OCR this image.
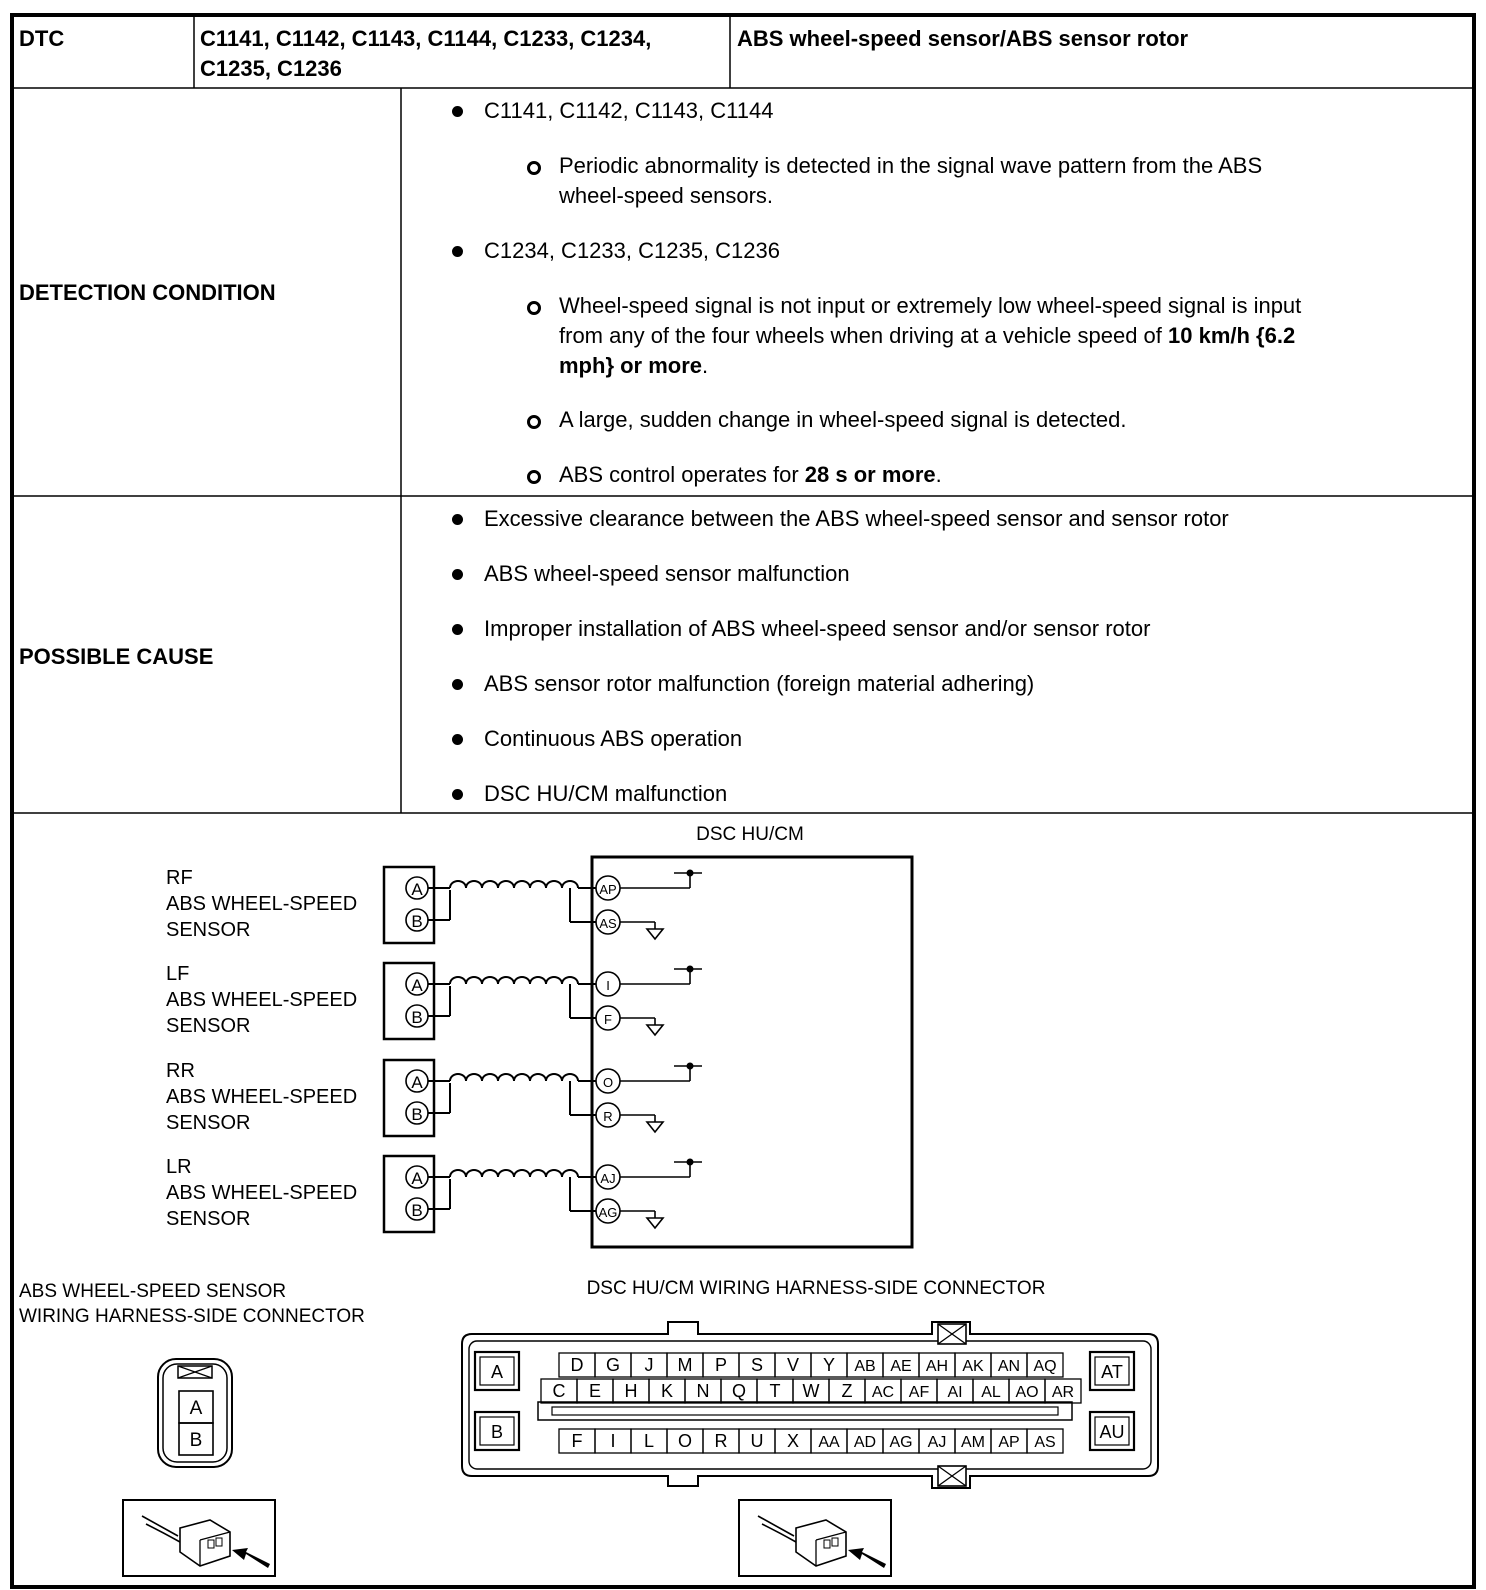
DTC	C1141, C1142, C1143, C1144, C1233, C1234,
C1235, C1236
ABS wheel-speed sensor/ABS sensor rotor
DETECTION CONDITION
C1141, C1142, C1143, C1144
Periodic abnormality is detected in the signal wave pattern from the ABS
wheel-speed sensors.
C1234, C1233, C1235, C1236
Wheel-speed signal is not input or extremely low wheel-speed signal is input
from any of the four wheels when driving at a vehicle speed of 10 km/h {6.2
mph} or more.
A large, sudden change in wheel-speed signal is detected.
ABS control operates for 28 s or more.
POSSIBLE CAUSE
Excessive clearance between the ABS wheel-speed sensor and sensor rotor
ABS wheel-speed sensor malfunction
Improper installation of ABS wheel-speed sensor and/or sensor rotor
ABS sensor rotor malfunction (foreign material adhering)
Continuous ABS operation
DSC HU/CM malfunction
DSC HU/CM
RF
ABS WHEEL-SPEED
SENSOR
A
B
AP
AS
LF
ABS WHEEL-SPEED
SENSOR
A
B
I
F
RR
ABS WHEEL-SPEED
SENSOR
A
B
O
R
LR
ABS WHEEL-SPEED
SENSOR
A
B
AJ
AG
ABS WHEEL-SPEED SENSOR
WIRING HARNESS-SIDE CONNECTOR
A
B
DSC HU/CM WIRING HARNESS-SIDE CONNECTOR
A
B
AT
AU
D G J M P S V Y AB AE AH AK AN AQ
C E H K N Q T W Z AC AF AI AL AO AR
F I L O R U X AA AD AG AJ AM AP AS
